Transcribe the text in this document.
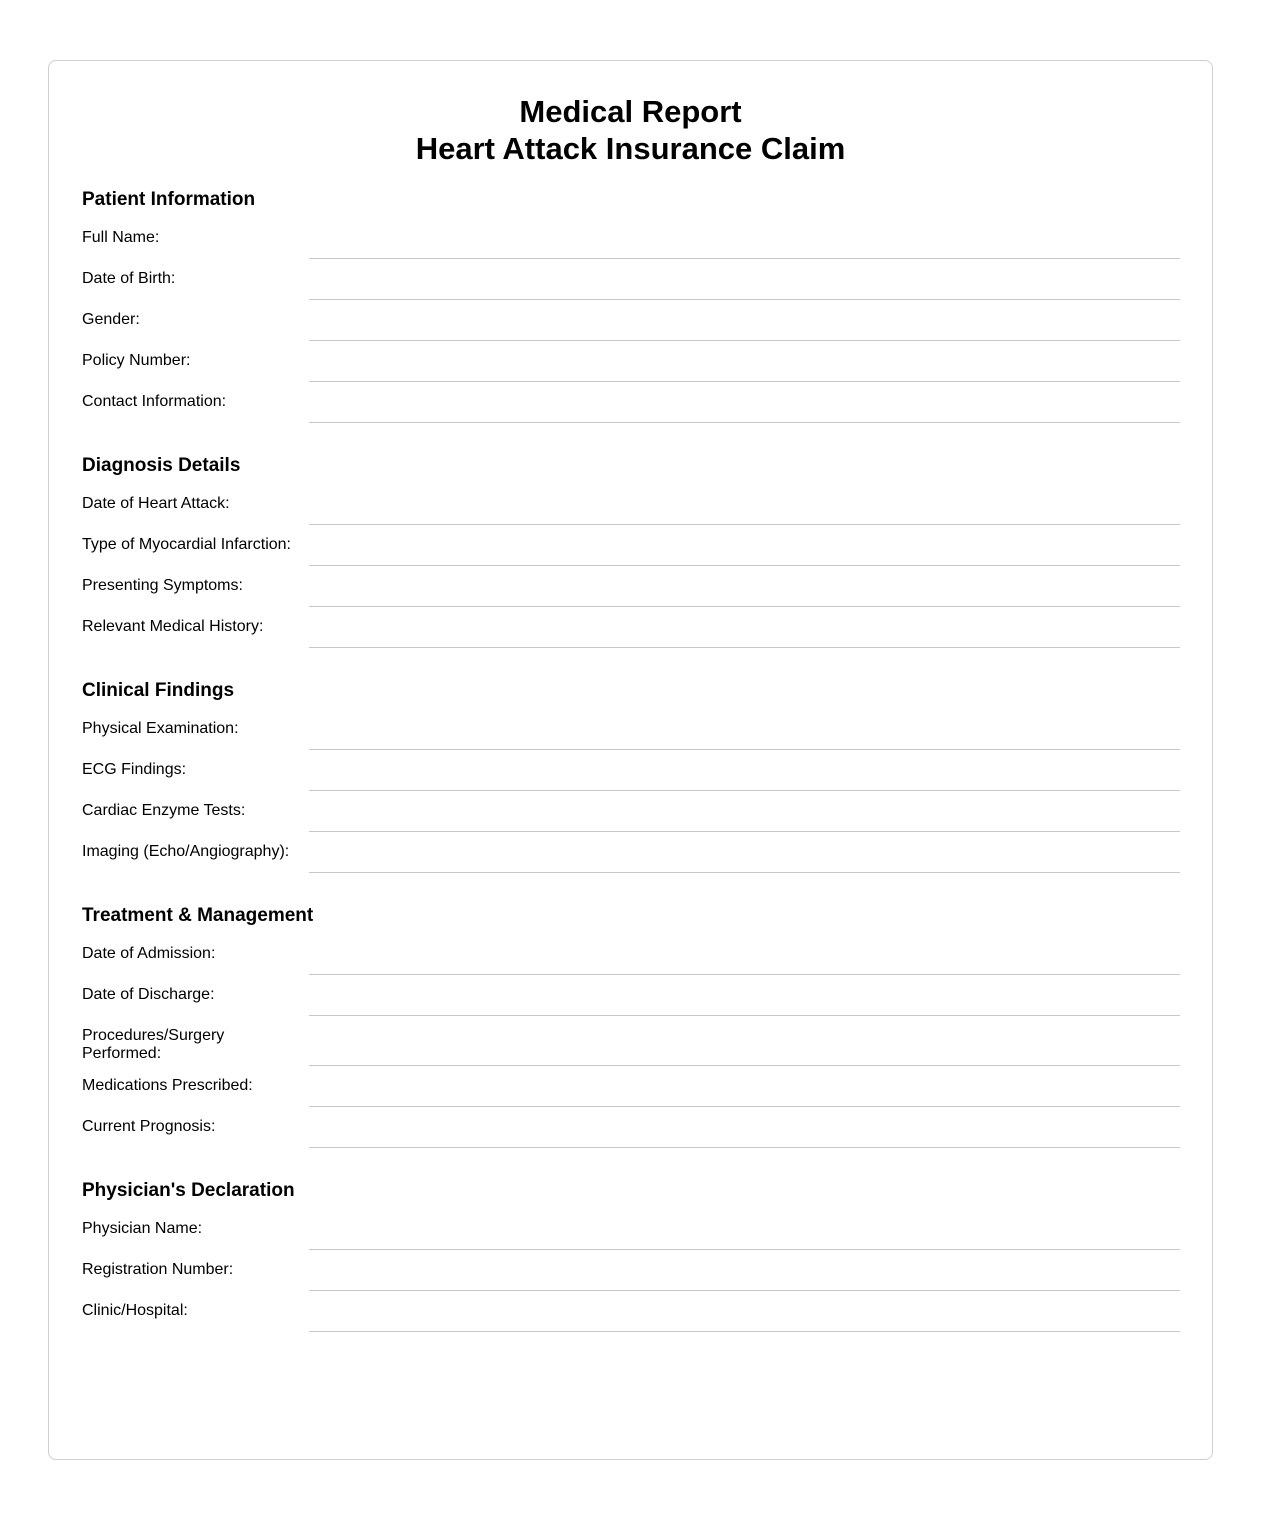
Medical Report
Heart Attack Insurance Claim
Patient Information
Full Name:
Date of Birth:
Gender:
Policy Number:
Contact Information:
Diagnosis Details
Date of Heart Attack:
Type of Myocardial Infarction:
Presenting Symptoms:
Relevant Medical History:
Clinical Findings
Physical Examination:
ECG Findings:
Cardiac Enzyme Tests:
Imaging (Echo/Angiography):
Treatment & Management
Date of Admission:
Date of Discharge:
Procedures/Surgery Performed:
Medications Prescribed:
Current Prognosis:
Physician's Declaration
Physician Name:
Registration Number:
Clinic/Hospital:
